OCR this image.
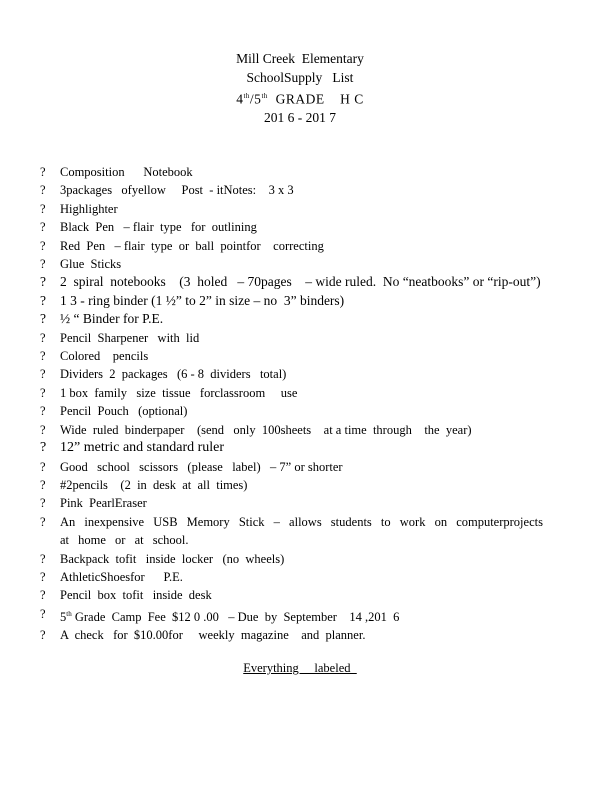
Mill Creek  Elementary
SchoolSupply   List
4th/5th  GRADE    H C
201 6 - 201 7
?	Composition      Notebook
?	3packages   ofyellow     Post  - itNotes:    3 x 3
?	Highlighter
?	Black  Pen   – flair  type   for  outlining
?	Red  Pen   – flair  type  or  ball  pointfor    correcting
?	Glue  Sticks
?	2  spiral  notebooks    (3  holed   – 70pages    – wide ruled.  No “neatbooks” or “rip-out”)
?	1 3 - ring binder (1 ½” to 2” in size – no  3” binders)
?	½ “ Binder for P.E.
?	Pencil  Sharpener   with  lid
?	Colored    pencils
?	Dividers  2  packages   (6 - 8  dividers   total)
?	1 box  family   size  tissue   forclassroom     use
?	Pencil  Pouch   (optional)
?	Wide  ruled  binderpaper    (send   only  100sheets    at a time  through    the  year)
? 12” metric and standard ruler
?	Good   school   scissors   (please   label)   – 7” or shorter
?	#2pencils    (2  in  desk  at  all  times)
?	Pink  PearlEraser
?	An inexpensive USB Memory Stick – allows students to work on computerprojects at home or at school.
?	Backpack  tofit   inside  locker   (no  wheels)
?	AthleticShoesfor      P.E.
?	Pencil  box  tofit   inside  desk
?	5th Grade  Camp  Fee  $12 0 .00   – Due  by  September    14 ,201  6
?	A  check   for  $10.00for     weekly  magazine    and  planner.
Everything     labeled
